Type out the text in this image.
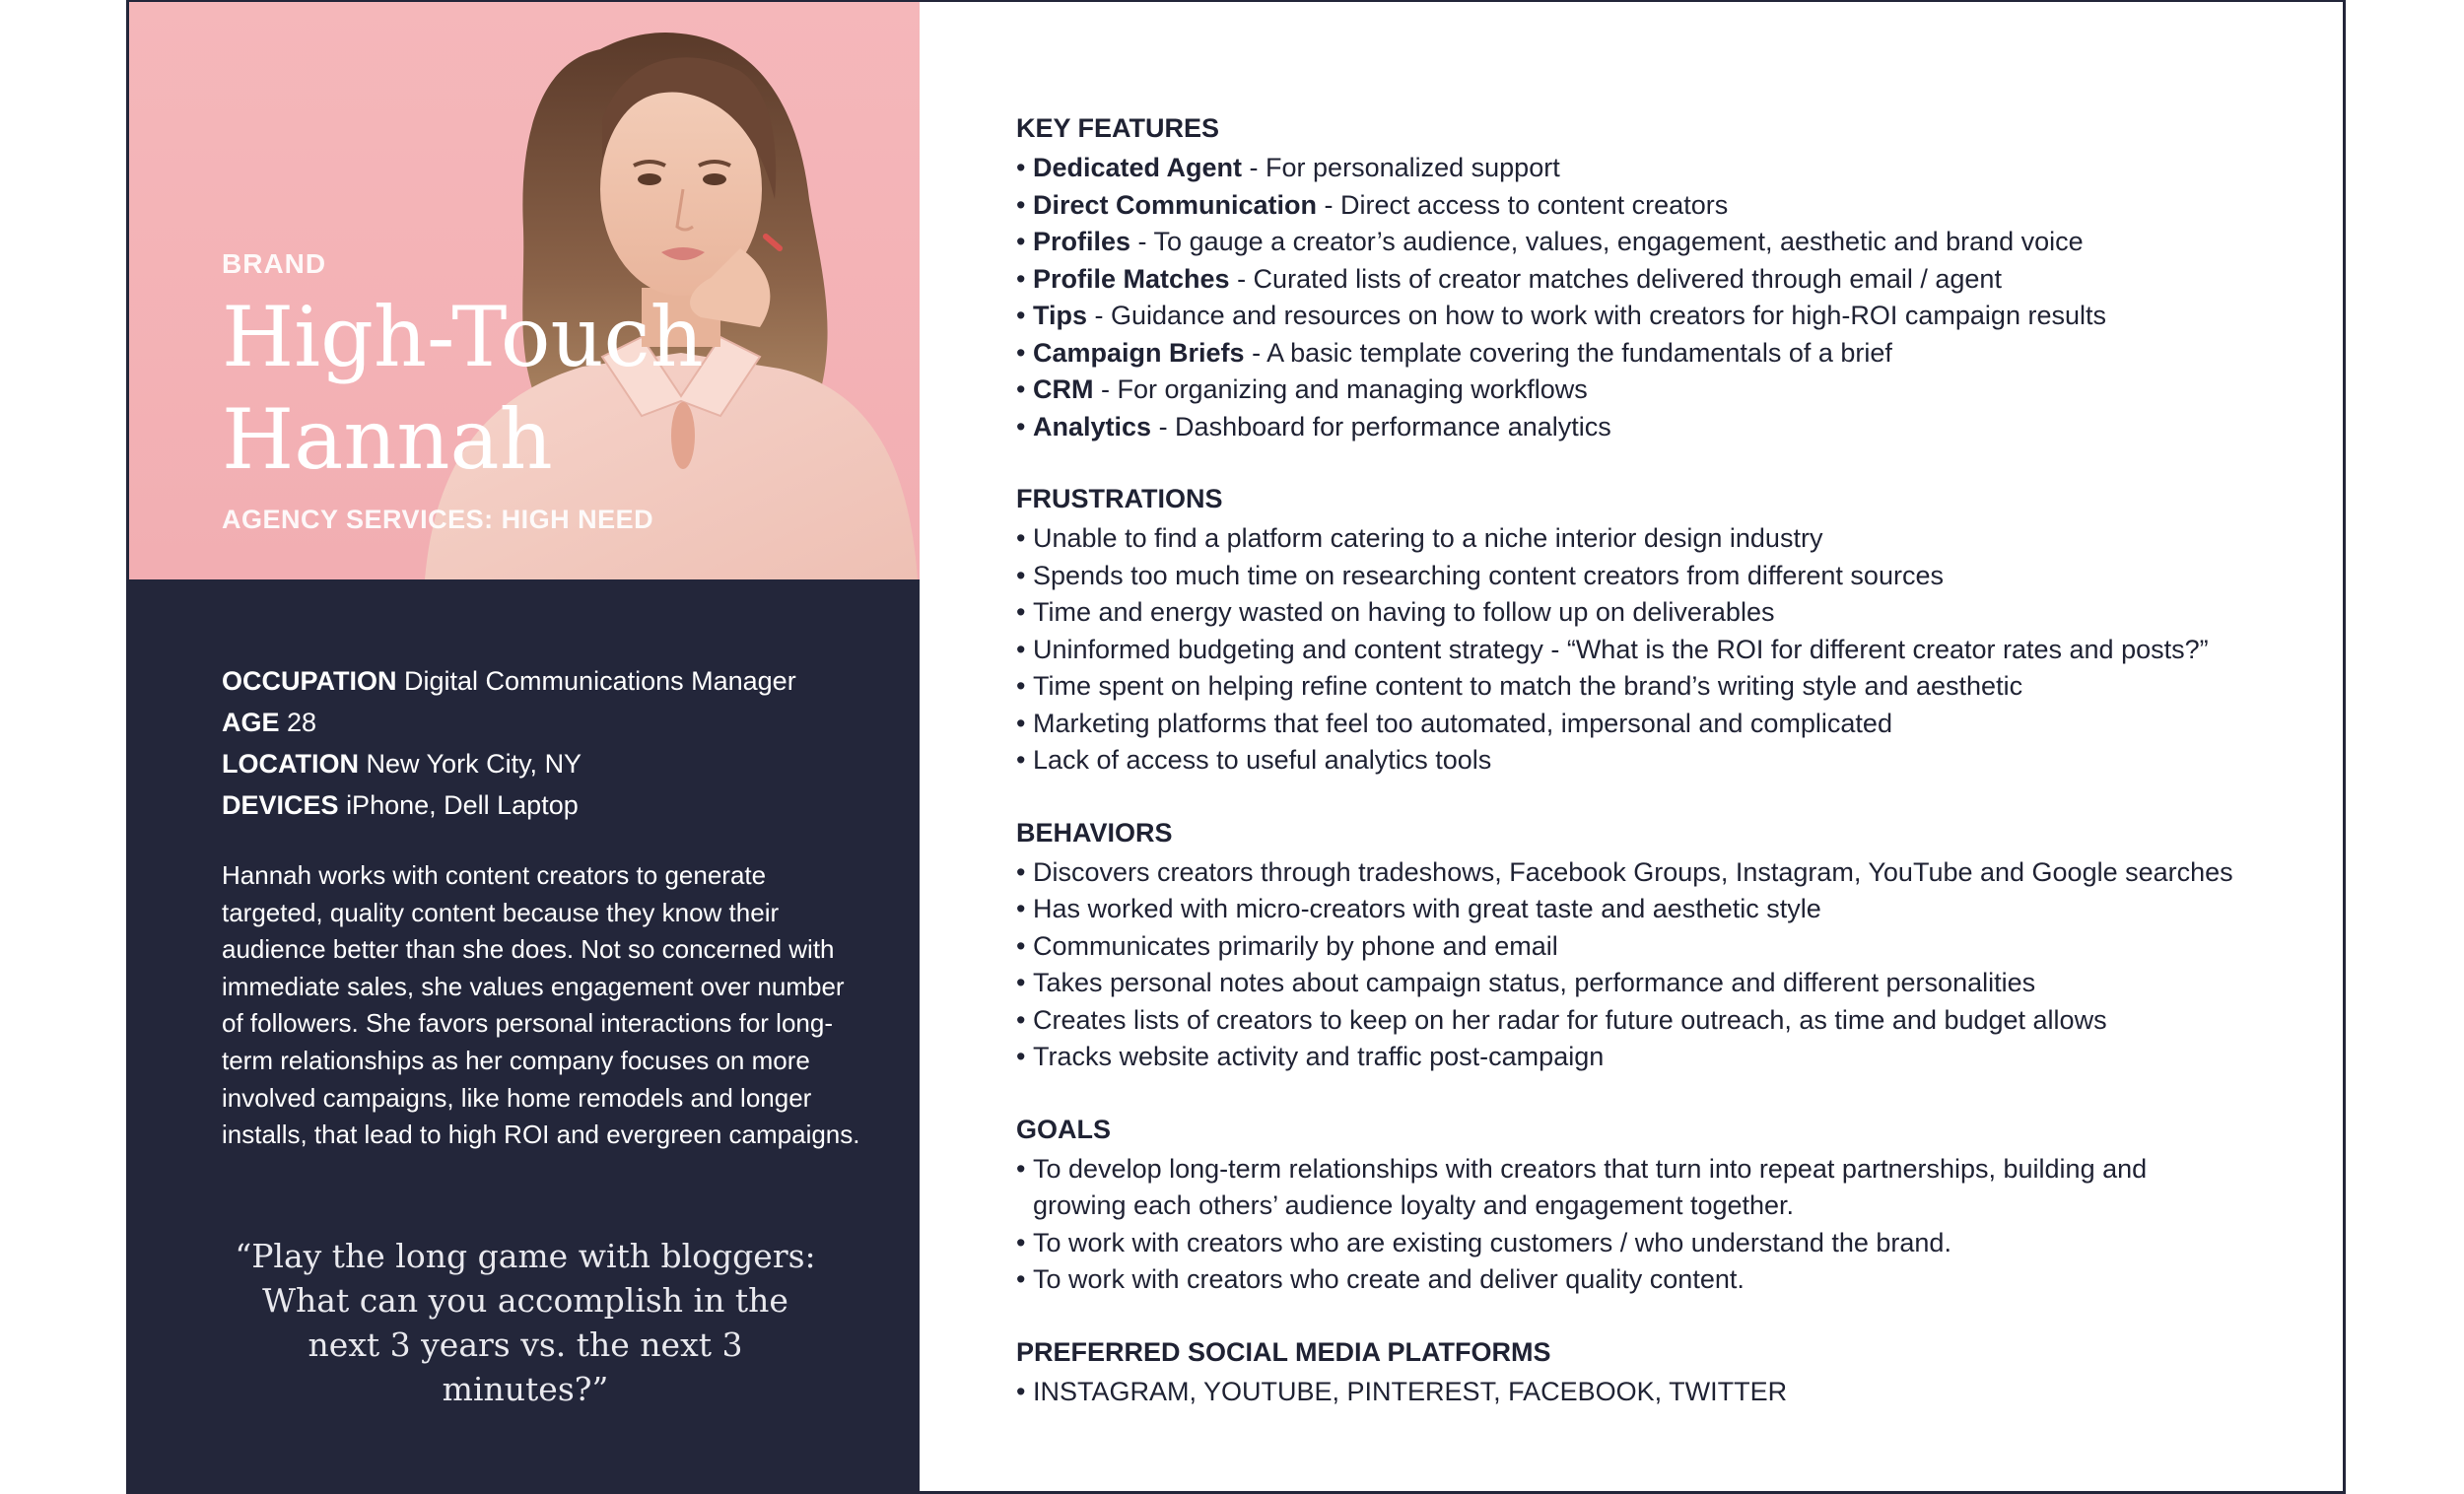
BRAND
High-Touch
Hannah
AGENCY SERVICES: HIGH NEED
OCCUPATION Digital Communications Manager
AGE 28
LOCATION New York City, NY
DEVICES iPhone, Dell Laptop

Hannah works with content creators to generate targeted, quality content because they know their audience better than she does. Not so concerned with immediate sales, she values engagement over number of followers. She favors personal interactions for long-term relationships as her company focuses on more involved campaigns, like home remodels and longer installs, that lead to high ROI and evergreen campaigns.

“Play the long game with bloggers: What can you accomplish in the next 3 years vs. the next 3 minutes?”

KEY FEATURES
• Dedicated Agent - For personalized support
• Direct Communication - Direct access to content creators
• Profiles - To gauge a creator’s audience, values, engagement, aesthetic and brand voice
• Profile Matches - Curated lists of creator matches delivered through email / agent
• Tips - Guidance and resources on how to work with creators for high-ROI campaign results
• Campaign Briefs - A basic template covering the fundamentals of a brief
• CRM - For organizing and managing workflows
• Analytics - Dashboard for performance analytics
FRUSTRATIONS
• Unable to find a platform catering to a niche interior design industry
• Spends too much time on researching content creators from different sources
• Time and energy wasted on having to follow up on deliverables
• Uninformed budgeting and content strategy - “What is the ROI for different creator rates and posts?”
• Time spent on helping refine content to match the brand’s writing style and aesthetic
• Marketing platforms that feel too automated, impersonal and complicated
• Lack of access to useful analytics tools
BEHAVIORS
• Discovers creators through tradeshows, Facebook Groups, Instagram, YouTube and Google searches
• Has worked with micro-creators with great taste and aesthetic style
• Communicates primarily by phone and email
• Takes personal notes about campaign status, performance and different personalities
• Creates lists of creators to keep on her radar for future outreach, as time and budget allows
• Tracks website activity and traffic post-campaign
GOALS
• To develop long-term relationships with creators that turn into repeat partnerships, building and growing each others’ audience loyalty and engagement together.
• To work with creators who are existing customers / who understand the brand.
• To work with creators who create and deliver quality content.
PREFERRED SOCIAL MEDIA PLATFORMS
• INSTAGRAM, YOUTUBE, PINTEREST, FACEBOOK, TWITTER
